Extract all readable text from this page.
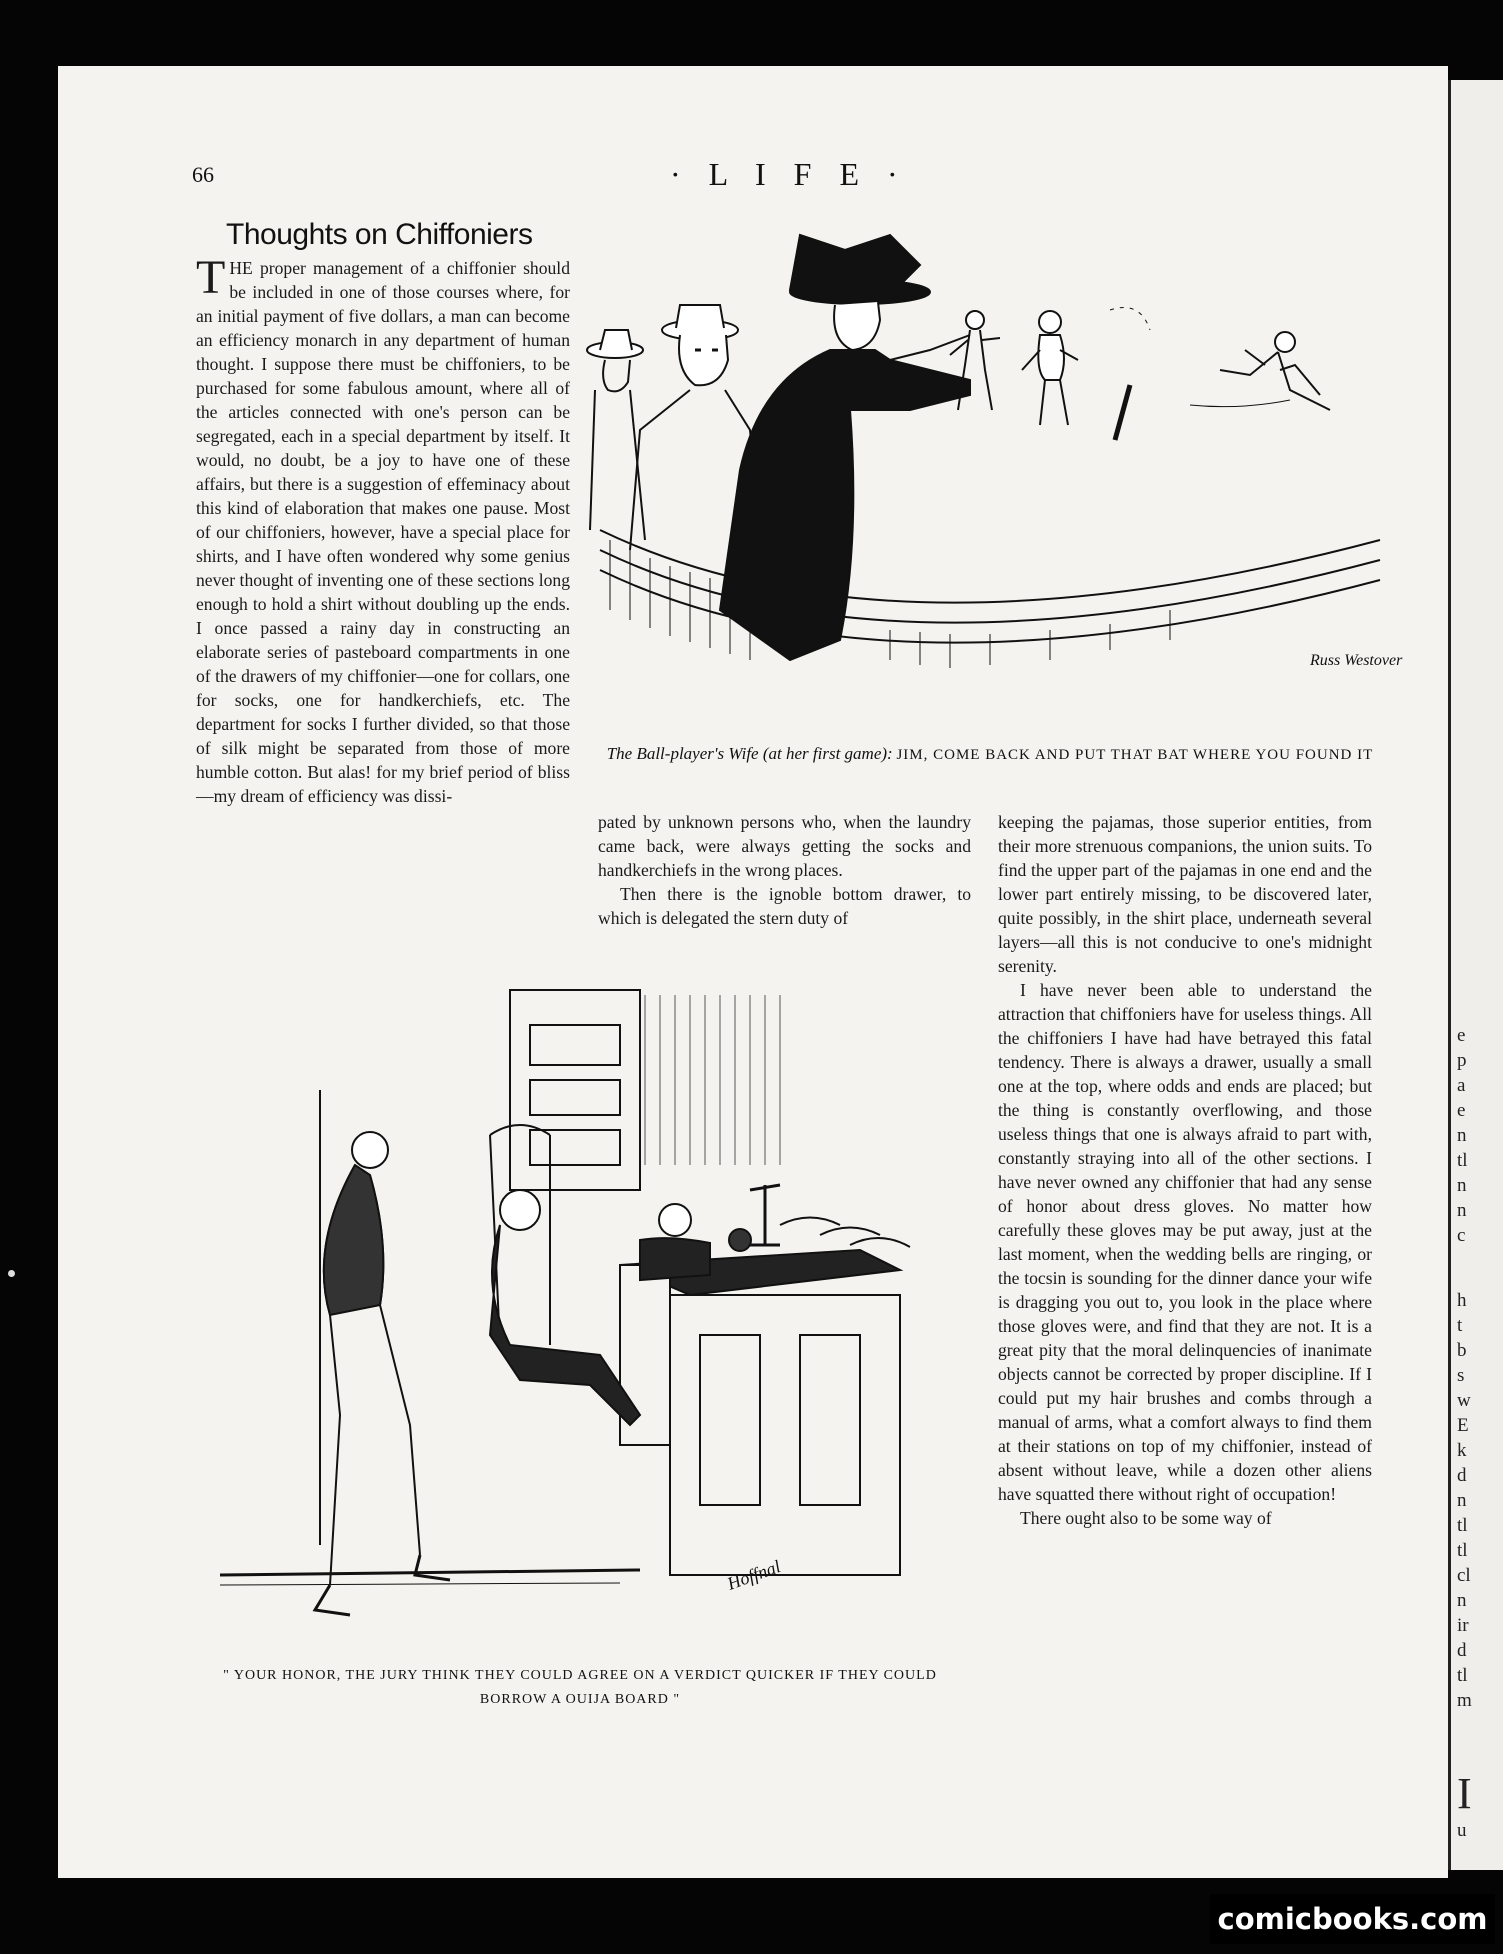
e
p
a
e
n
tl
n
n
c
h
t
b
s
w
E
k
d
n
tl
tl
cl
n
ir
d
tl
m
I
u
66	· L I F E ·
Thoughts on Chiffoniers

THE proper management of a chiffonier should be included in one of those courses where, for an initial payment of five dollars, a man can become an efficiency monarch in any department of human thought. I suppose there must be chiffoniers, to be purchased for some fabulous amount, where all of the articles connected with one's person can be segregated, each in a special department by itself. It would, no doubt, be a joy to have one of these affairs, but there is a suggestion of effeminacy about this kind of elaboration that makes one pause. Most of our chiffoniers, however, have a special place for shirts, and I have often wondered why some genius never thought of inventing one of these sections long enough to hold a shirt without doubling up the ends. I once passed a rainy day in constructing an elaborate series of pasteboard compartments in one of the drawers of my chiffonier—one for collars, one for socks, one for handkerchiefs, etc. The department for socks I further divided, so that those of silk might be separated from those of more humble cotton. But alas! for my brief period of bliss—my dream of efficiency was dissi-

pated by unknown persons who, when the laundry came back, were always getting the socks and handkerchiefs in the wrong places.

Then there is the ignoble bottom drawer, to which is delegated the stern duty of

keeping the pajamas, those superior entities, from their more strenuous companions, the union suits. To find the upper part of the pajamas in one end and the lower part entirely missing, to be discovered later, quite possibly, in the shirt place, underneath several layers—all this is not conducive to one's midnight serenity.

I have never been able to understand the attraction that chiffoniers have for useless things. All the chiffoniers I have had have betrayed this fatal tendency. There is always a drawer, usually a small one at the top, where odds and ends are placed; but the thing is constantly overflowing, and those useless things that one is always afraid to part with, constantly straying into all of the other sections. I have never owned any chiffonier that had any sense of honor about dress gloves. No matter how carefully these gloves may be put away, just at the last moment, when the wedding bells are ringing, or the tocsin is sounding for the dinner dance your wife is dragging you out to, you look in the place where those gloves were, and find that they are not. It is a great pity that the moral delinquencies of inanimate objects cannot be corrected by proper discipline. If I could put my hair brushes and combs through a manual of arms, what a comfort always to find them at their stations on top of my chiffonier, instead of absent without leave, while a dozen other aliens have squatted there without right of occupation!

There ought also to be some way of

Russ Westover
The Ball-player's Wife (at her first game): JIM, COME BACK AND PUT THAT BAT WHERE YOU FOUND IT
Hoffnal
" YOUR HONOR, THE JURY THINK THEY COULD AGREE ON A VERDICT QUICKER IF THEY COULD BORROW A OUIJA BOARD "
comicbooks.com
